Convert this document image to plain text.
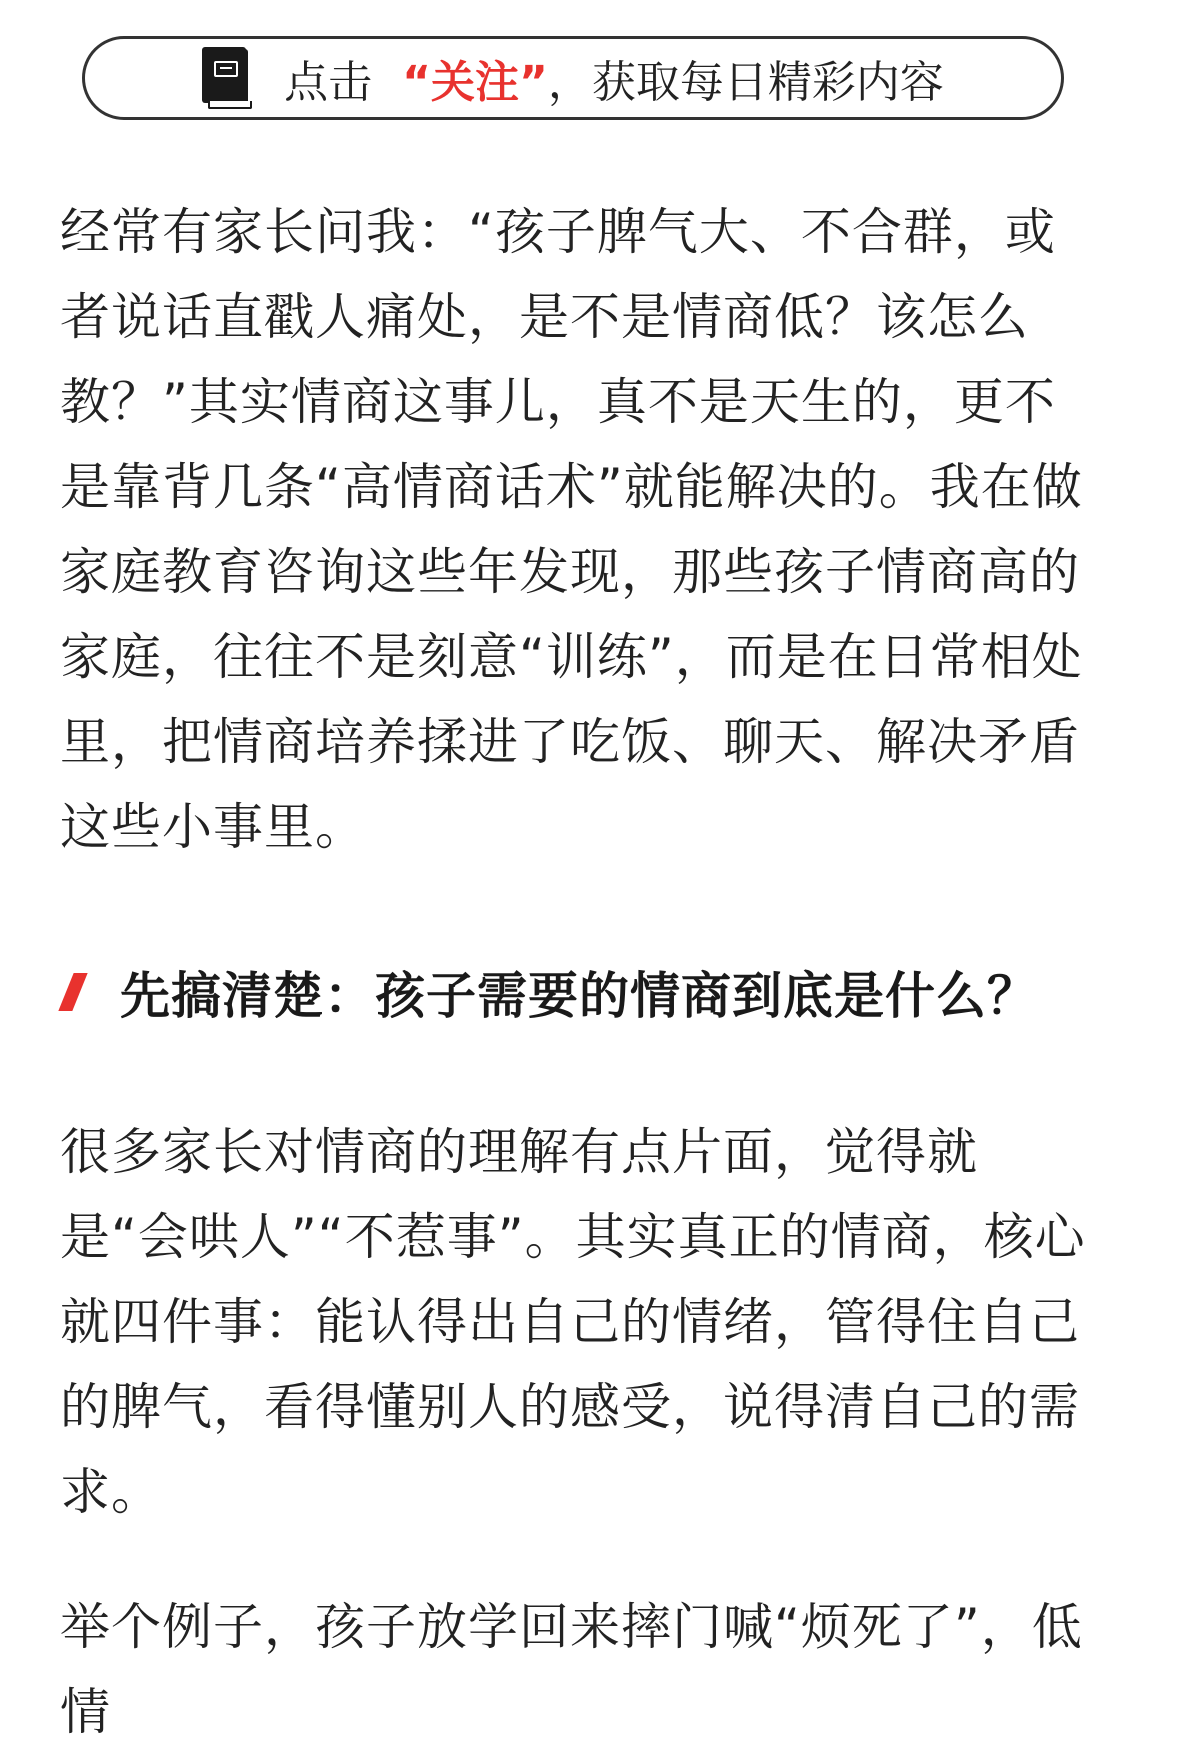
点击 “关注” ，获取每日精彩内容

经常有家长问我：“孩子脾气大、不合群，或者说话直戳人痛处，是不是情商低？该怎么教？”其实情商这事儿，真不是天生的，更不是靠背几条“高情商话术”就能解决的。我在做家庭教育咨询这些年发现，那些孩子情商高的家庭，往往不是刻意“训练”，而是在日常相处里，把情商培养揉进了吃饭、聊天、解决矛盾这些小事里。

先搞清楚：孩子需要的情商到底是什么？

很多家长对情商的理解有点片面，觉得就是“会哄人”“不惹事”。其实真正的情商，核心就四件事：能认得出自己的情绪，管得住自己的脾气，看得懂别人的感受，说得清自己的需求。

举个例子，孩子放学回来摔门喊“烦死了”，低情
